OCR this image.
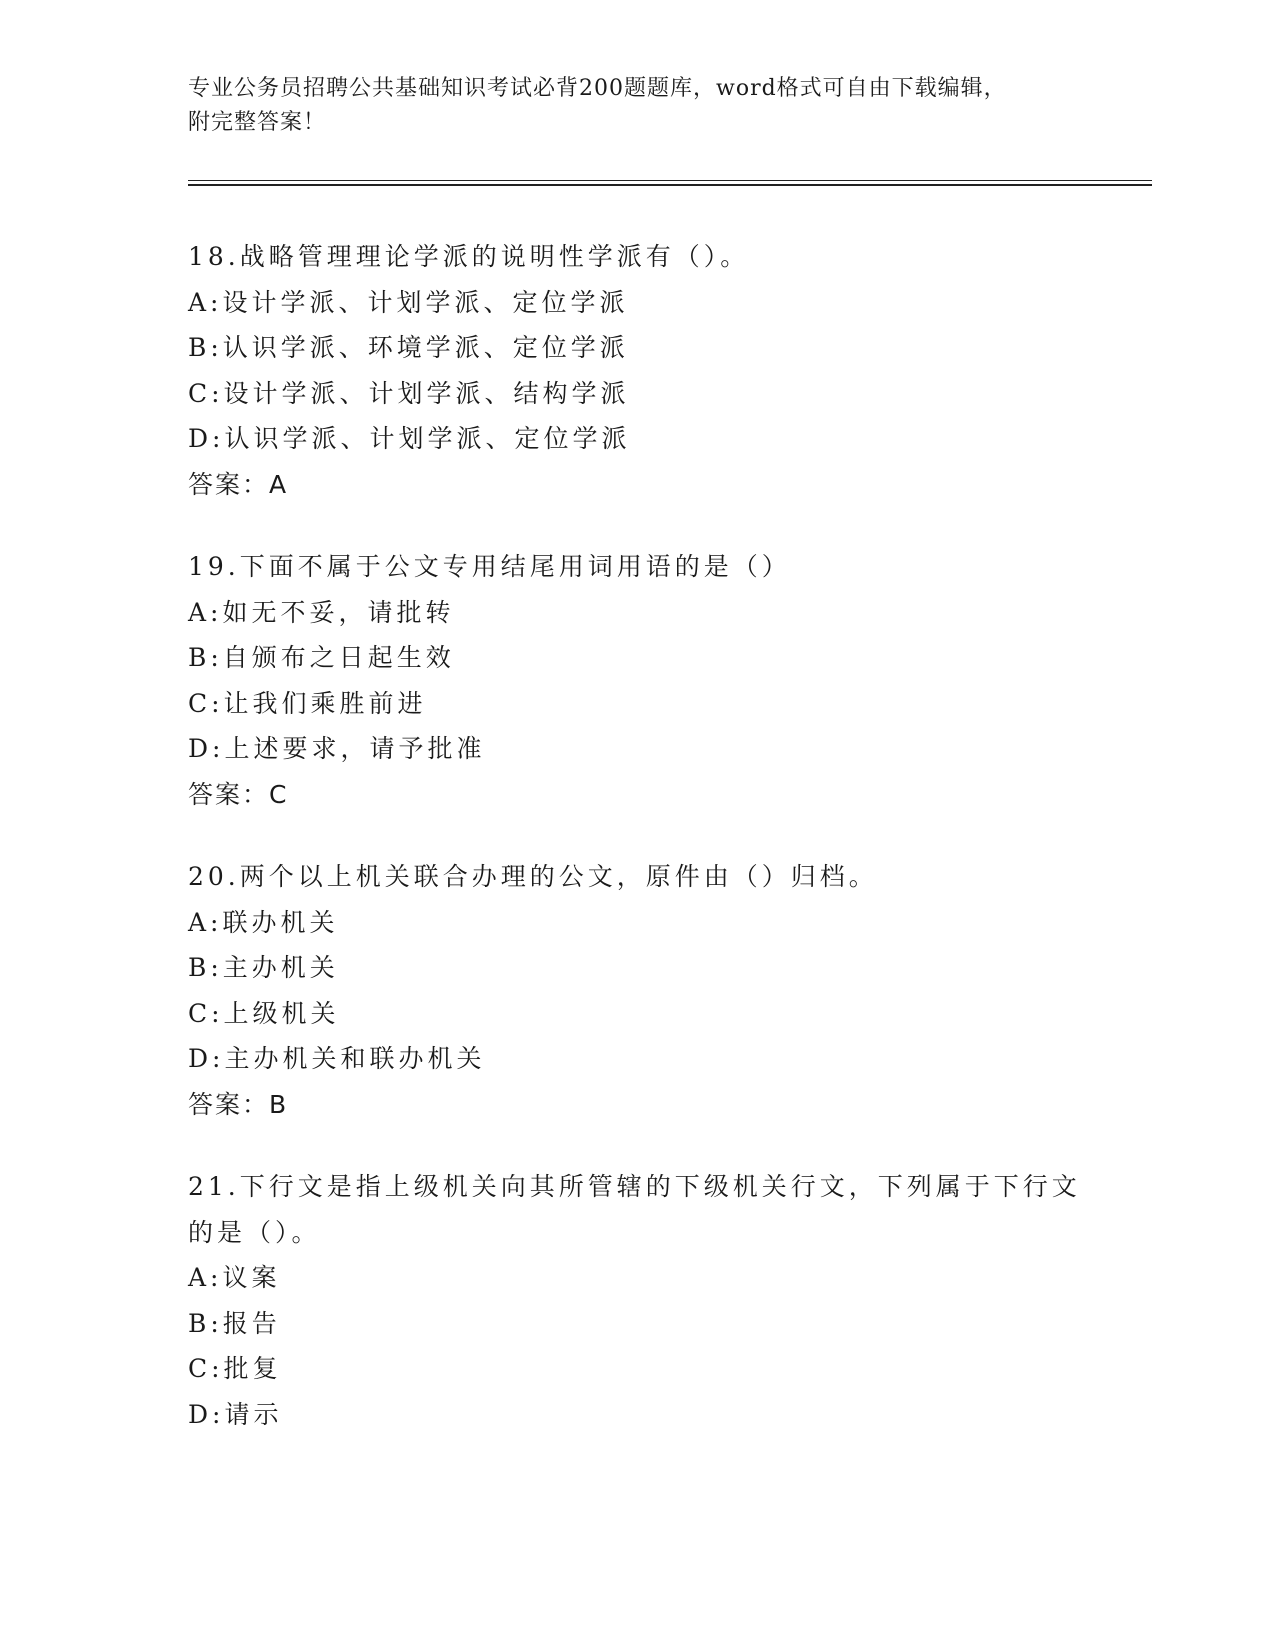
专业公务员招聘公共基础知识考试必背200题题库，word格式可自由下载编辑，
附完整答案！
18.战略管理理论学派的说明性学派有（）。
A:设计学派、计划学派、定位学派
B:认识学派、环境学派、定位学派
C:设计学派、计划学派、结构学派
D:认识学派、计划学派、定位学派
答案：A
19.下面不属于公文专用结尾用词用语的是（）
A:如无不妥，请批转
B:自颁布之日起生效
C:让我们乘胜前进
D:上述要求，请予批准
答案：C
20.两个以上机关联合办理的公文，原件由（）归档。
A:联办机关
B:主办机关
C:上级机关
D:主办机关和联办机关
答案：B
21.下行文是指上级机关向其所管辖的下级机关行文，下列属于下行文的是（）。
A:议案
B:报告
C:批复
D:请示
